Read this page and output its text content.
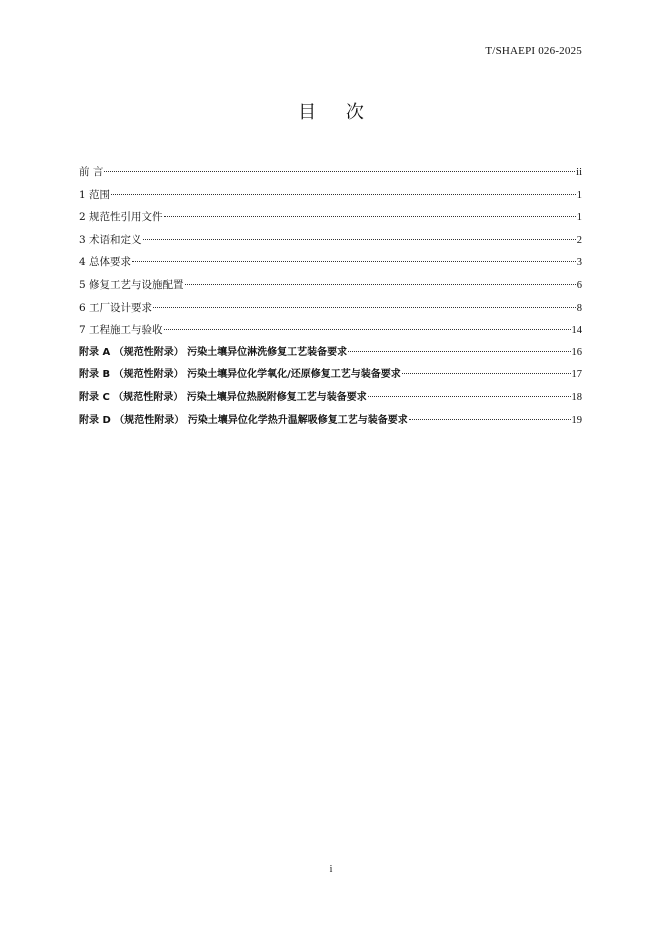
T/SHAEPI 026-2025
目 次
前 言	ii
1 范围	1
2 规范性引用文件	1
3 术语和定义	2
4 总体要求	3
5 修复工艺与设施配置	6
6 工厂设计要求	8
7 工程施工与验收	14
附录 A （规范性附录） 污染土壤异位淋洗修复工艺装备要求	16
附录 B （规范性附录） 污染土壤异位化学氧化/还原修复工艺与装备要求	17
附录 C （规范性附录） 污染土壤异位热脱附修复工艺与装备要求	18
附录 D （规范性附录） 污染土壤异位化学热升温解吸修复工艺与装备要求	19
i
